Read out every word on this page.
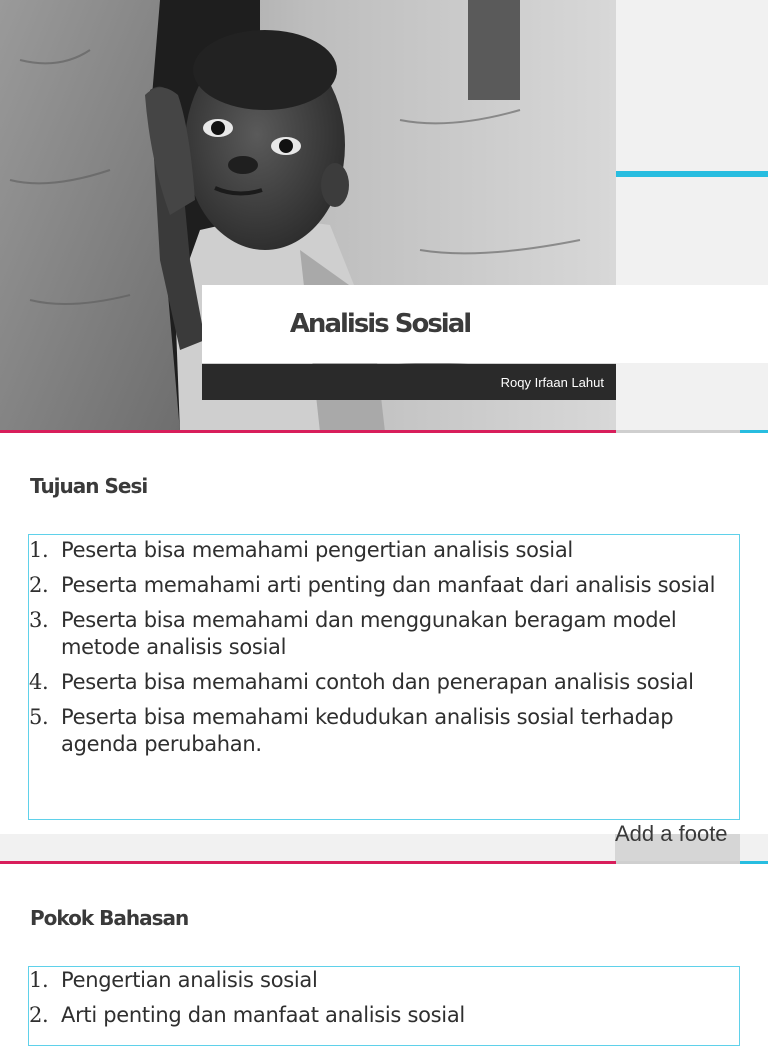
Analisis Sosial
Roqy Irfaan Lahut
Tujuan Sesi
1. Peserta bisa memahami pengertian analisis sosial
2. Peserta memahami arti penting dan manfaat dari analisis sosial
3. Peserta bisa memahami dan menggunakan beragam model metode analisis sosial
4. Peserta bisa memahami contoh dan penerapan analisis sosial
5. Peserta bisa memahami kedudukan analisis sosial terhadap agenda perubahan.
Add a foote
Pokok Bahasan
1. Pengertian analisis sosial
2. Arti penting dan manfaat analisis sosial
